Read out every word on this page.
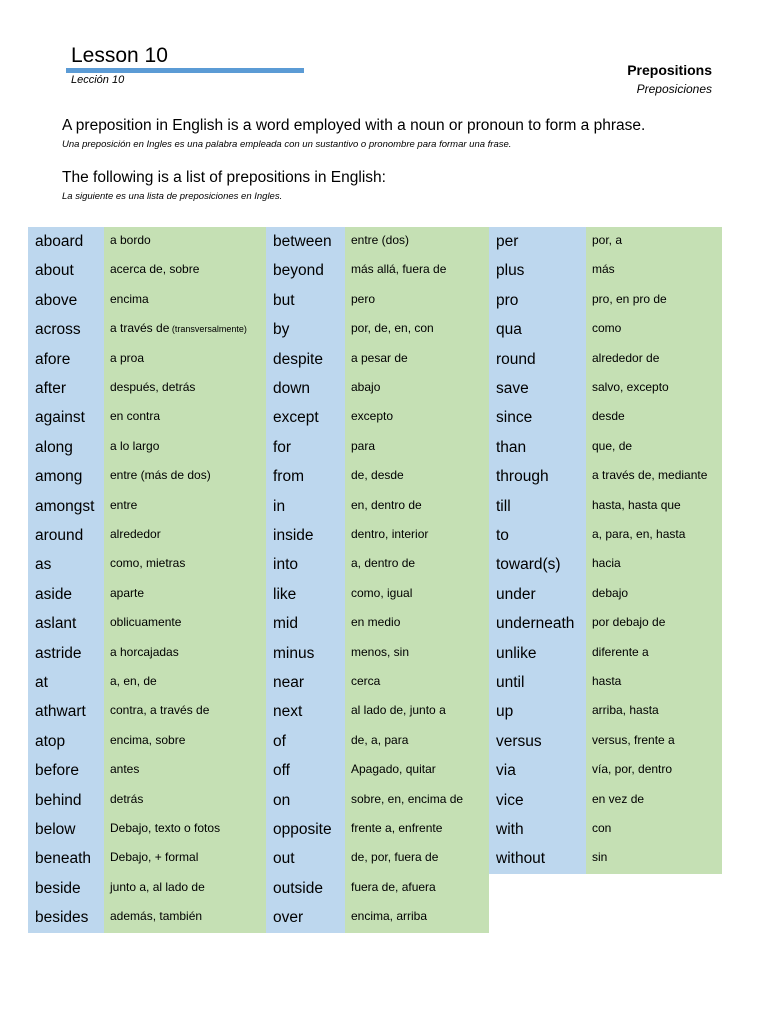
Lesson 10
Lección 10
Prepositions
Preposiciones
A preposition in English is a word employed with a noun or pronoun to form a phrase.
Una preposición en Ingles es una palabra empleada con un sustantivo o pronombre para formar una frase.
The following is a list of prepositions in English:
La siguiente es una lista de preposiciones en Ingles.
aboard	a bordo
about	acerca de, sobre
above	encima
across	a través de (transversalmente)
afore	a proa
after	después, detrás
against	en contra
along	a lo largo
among	entre (más de dos)
amongst	entre
around	alrededor
as	como, mietras
aside	aparte
aslant	oblicuamente
astride	a horcajadas
at	a, en, de
athwart	contra, a través de
atop	encima, sobre
before	antes
behind	detrás
below	Debajo, texto o fotos
beneath	Debajo, + formal
beside	junto a, al lado de
besides	además, también
between	entre (dos)
beyond	más allá, fuera de
but	pero
by	por, de, en, con
despite	a pesar de
down	abajo
except	excepto
for	para
from	de, desde
in	en, dentro de
inside	dentro, interior
into	a, dentro de
like	como, igual
mid	en medio
minus	menos, sin
near	cerca
next	al lado de, junto a
of	de, a, para
off	Apagado, quitar
on	sobre, en, encima de
opposite	frente a, enfrente
out	de, por, fuera de
outside	fuera de, afuera
over	encima, arriba
per	por, a
plus	más
pro	pro, en pro de
qua	como
round	alrededor de
save	salvo, excepto
since	desde
than	que, de
through	a través de, mediante
till	hasta, hasta que
to	a, para, en, hasta
toward(s)	hacia
under	debajo
underneath	por debajo de
unlike	diferente a
until	hasta
up	arriba, hasta
versus	versus, frente a
via	vía, por, dentro
vice	en vez de
with	con
without	sin
